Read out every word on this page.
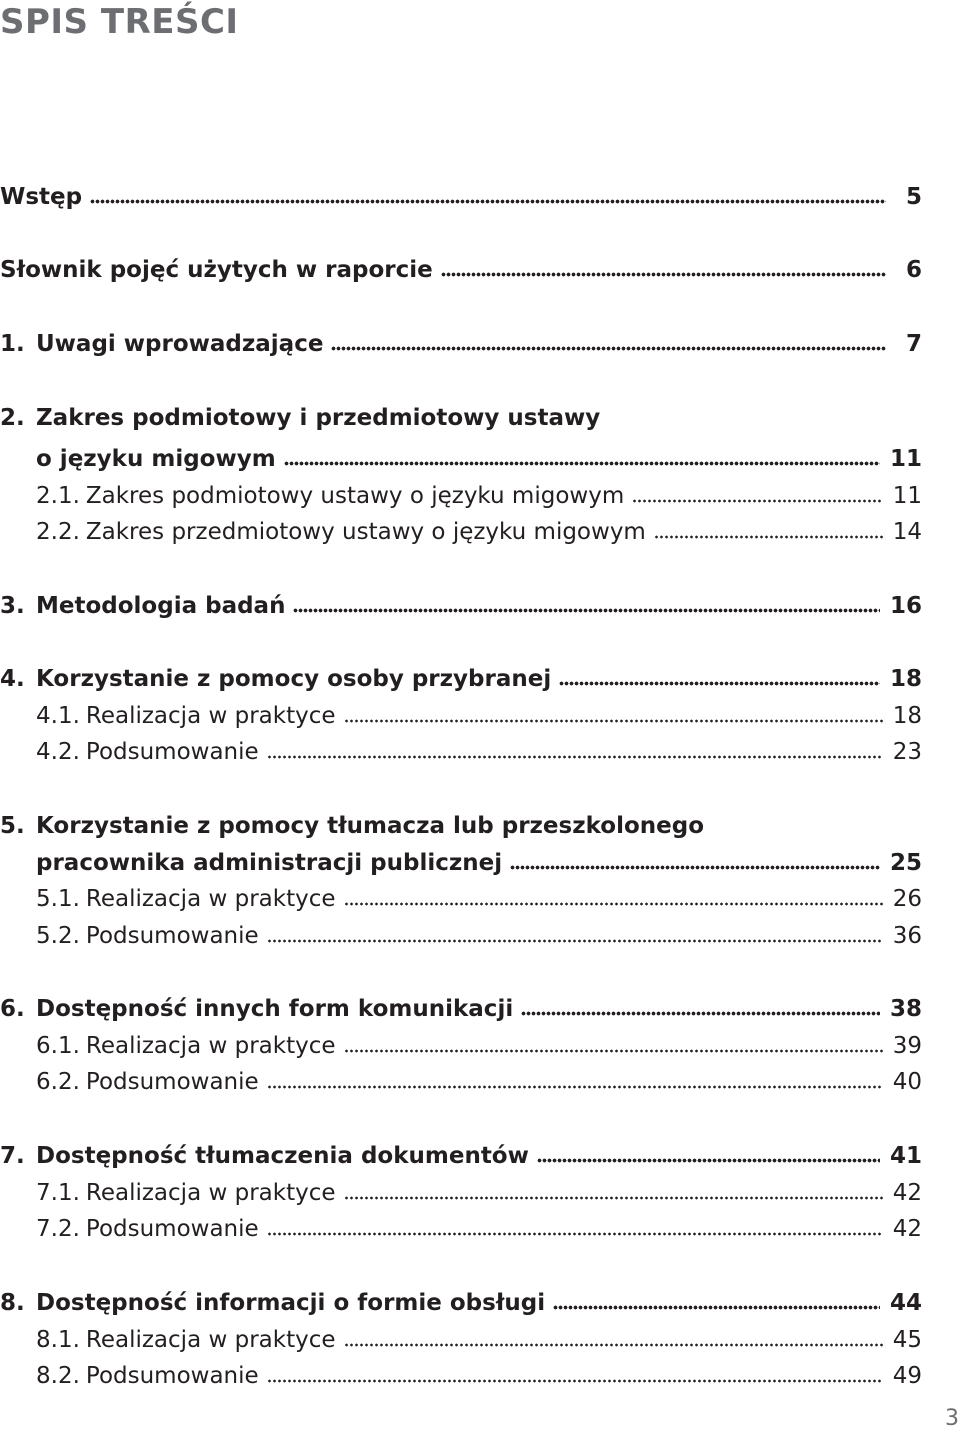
SPIS TREŚCI
Wstęp	5
Słownik pojęć użytych w raporcie	6
1. Uwagi wprowadzające	7
2. Zakres podmiotowy i przedmiotowy ustawy
o języku migowym	11
2.1. Zakres podmiotowy ustawy o języku migowym	11
2.2. Zakres przedmiotowy ustawy o języku migowym	14
3. Metodologia badań	16
4. Korzystanie z pomocy osoby przybranej	18
4.1. Realizacja w praktyce	18
4.2. Podsumowanie	23
5. Korzystanie z pomocy tłumacza lub przeszkolonego
pracownika administracji publicznej	25
5.1. Realizacja w praktyce	26
5.2. Podsumowanie	36
6. Dostępność innych form komunikacji	38
6.1. Realizacja w praktyce	39
6.2. Podsumowanie	40
7. Dostępność tłumaczenia dokumentów	41
7.1. Realizacja w praktyce	42
7.2. Podsumowanie	42
8. Dostępność informacji o formie obsługi	44
8.1. Realizacja w praktyce	45
8.2. Podsumowanie	49
3
